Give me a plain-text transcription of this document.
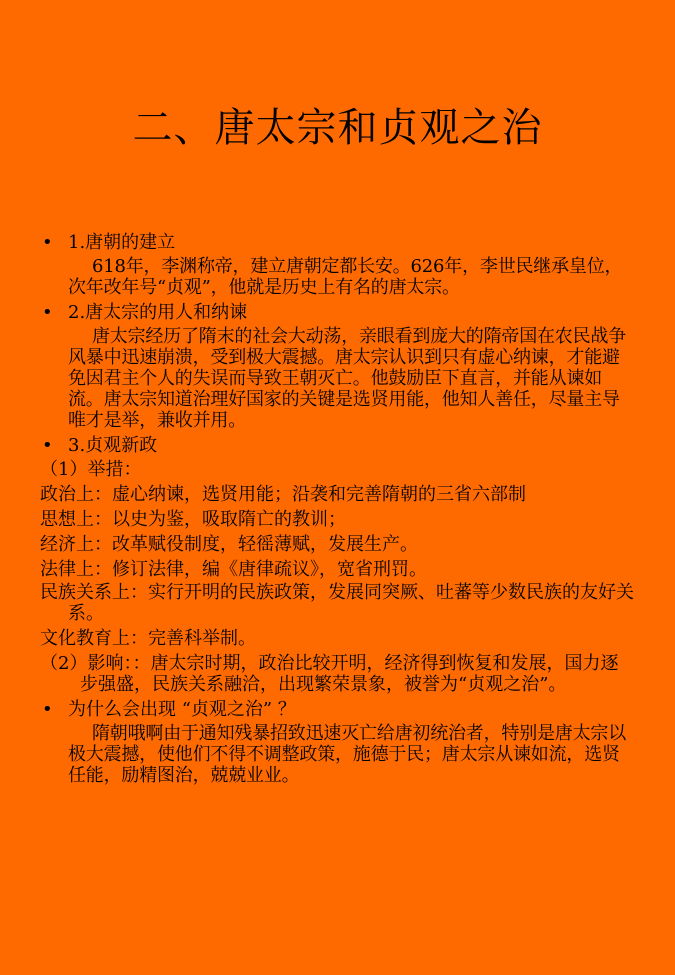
二、唐太宗和贞观之治
• 1.唐朝的建立
618年，李渊称帝，建立唐朝定都长安。626年，李世民继承皇位，次年改年号“贞观”，他就是历史上有名的唐太宗。
• 2.唐太宗的用人和纳谏
唐太宗经历了隋末的社会大动荡，亲眼看到庞大的隋帝国在农民战争风暴中迅速崩溃，受到极大震撼。唐太宗认识到只有虚心纳谏，才能避免因君主个人的失误而导致王朝灭亡。他鼓励臣下直言，并能从谏如流。唐太宗知道治理好国家的关键是选贤用能，他知人善任，尽量主导唯才是举，兼收并用。
• 3.贞观新政
（1）举措：
政治上：虚心纳谏，选贤用能；沿袭和完善隋朝的三省六部制
思想上：以史为鉴，吸取隋亡的教训；
经济上：改革赋役制度，轻徭薄赋，发展生产。
法律上：修订法律，编《唐律疏议》，宽省刑罚。
民族关系上：实行开明的民族政策，发展同突厥、吐蕃等少数民族的友好关系。
文化教育上：完善科举制。
（2）影响：：唐太宗时期，政治比较开明，经济得到恢复和发展，国力逐步强盛，民族关系融洽，出现繁荣景象，被誉为“贞观之治”。
• 为什么会出现 “贞观之治” ？
隋朝哦啊由于通知残暴招致迅速灭亡给唐初统治者，特别是唐太宗以极大震撼，使他们不得不调整政策，施德于民；唐太宗从谏如流，选贤任能，励精图治，兢兢业业。
